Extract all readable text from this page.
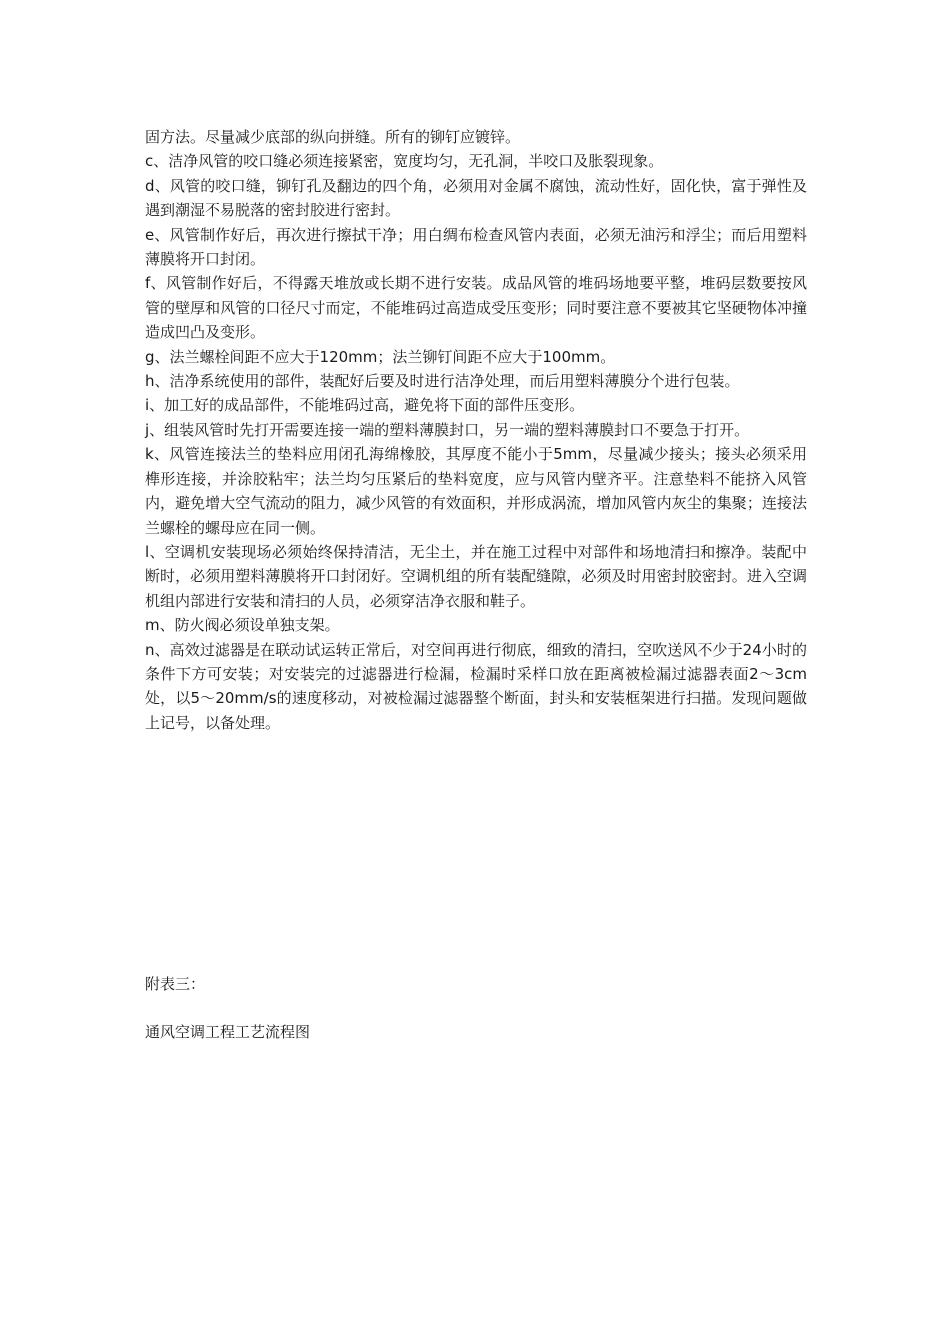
固方法。尽量减少底部的纵向拼缝。所有的铆钉应镀锌。

c、洁净风管的咬口缝必须连接紧密，宽度均匀，无孔洞，半咬口及胀裂现象。

d、风管的咬口缝，铆钉孔及翻边的四个角，必须用对金属不腐蚀，流动性好，固化快，富于弹性及遇到潮湿不易脱落的密封胶进行密封。

e、风管制作好后，再次进行擦拭干净；用白绸布检查风管内表面，必须无油污和浮尘；而后用塑料薄膜将开口封闭。

f、风管制作好后，不得露天堆放或长期不进行安装。成品风管的堆码场地要平整，堆码层数要按风管的壁厚和风管的口径尺寸而定，不能堆码过高造成受压变形；同时要注意不要被其它坚硬物体冲撞造成凹凸及变形。

g、法兰螺栓间距不应大于120mm；法兰铆钉间距不应大于100mm。

h、洁净系统使用的部件，装配好后要及时进行洁净处理，而后用塑料薄膜分个进行包装。

i、加工好的成品部件，不能堆码过高，避免将下面的部件压变形。

j、组装风管时先打开需要连接一端的塑料薄膜封口，另一端的塑料薄膜封口不要急于打开。

k、风管连接法兰的垫料应用闭孔海绵橡胶，其厚度不能小于5mm，尽量减少接头；接头必须采用榫形连接，并涂胶粘牢；法兰均匀压紧后的垫料宽度，应与风管内壁齐平。注意垫料不能挤入风管内，避免增大空气流动的阻力，减少风管的有效面积，并形成涡流，增加风管内灰尘的集聚；连接法兰螺栓的螺母应在同一侧。

l、空调机安装现场必须始终保持清洁，无尘土，并在施工过程中对部件和场地清扫和擦净。装配中断时，必须用塑料薄膜将开口封闭好。空调机组的所有装配缝隙，必须及时用密封胶密封。进入空调机组内部进行安装和清扫的人员，必须穿洁净衣服和鞋子。

m、防火阀必须设单独支架。

n、高效过滤器是在联动试运转正常后，对空间再进行彻底，细致的清扫，空吹送风不少于24小时的条件下方可安装；对安装完的过滤器进行检漏，检漏时采样口放在距离被检漏过滤器表面2～3cm处，以5～20mm/s的速度移动，对被检漏过滤器整个断面，封头和安装框架进行扫描。发现问题做上记号，以备处理。

附表三：
通风空调工程工艺流程图
